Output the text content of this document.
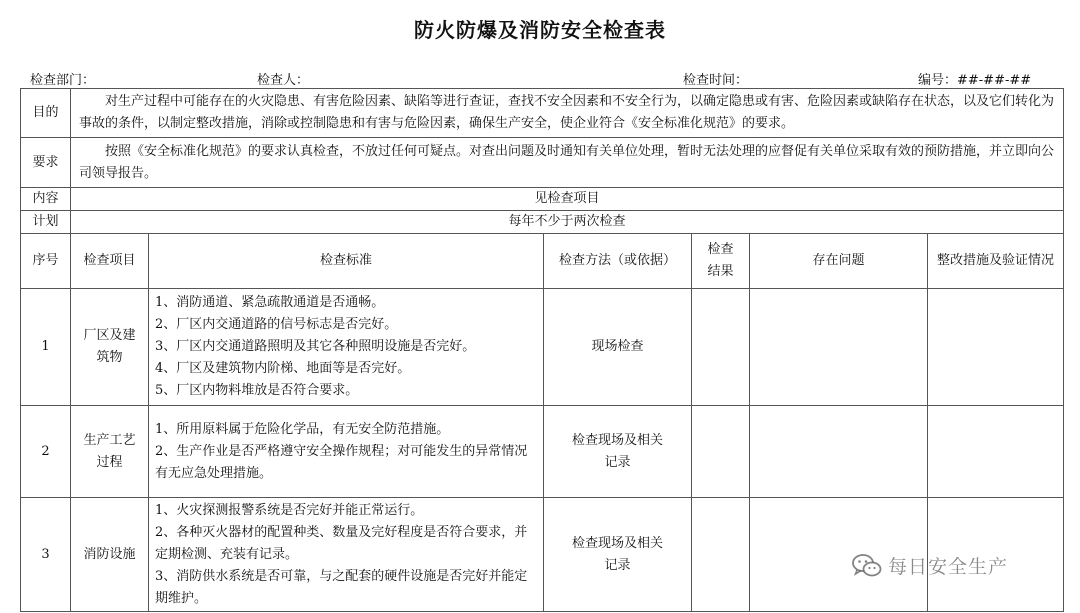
防火防爆及消防安全检查表
检查部门：	检查人：	检查时间：	编号：##-##-##
目的	对生产过程中可能存在的火灾隐患、有害危险因素、缺陷等进行查证，查找不安全因素和不安全行为，以确定隐患或有害、危险因素或缺陷存在状态，以及它们转化为事故的条件，以制定整改措施，消除或控制隐患和有害与危险因素，确保生产安全，使企业符合《安全标准化规范》的要求。					
要求	按照《安全标准化规范》的要求认真检查，不放过任何可疑点。对查出问题及时通知有关单位处理，暂时无法处理的应督促有关单位采取有效的预防措施，并立即向公司领导报告。					
内容	见检查项目					
计划	每年不少于两次检查					
序号	检查项目	检查标准	检查方法（或依据）	检查结果	存在问题	整改措施及验证情况
1	厂区及建筑物	1、消防通道、紧急疏散通道是否通畅。
2、厂区内交通道路的信号标志是否完好。
3、厂区内交通道路照明及其它各种照明设施是否完好。
4、厂区及建筑物内阶梯、地面等是否完好。
5、厂区内物料堆放是否符合要求。	现场检查			
2	生产工艺过程	1、所用原料属于危险化学品，有无安全防范措施。
2、生产作业是否严格遵守安全操作规程；对可能发生的异常情况有无应急处理措施。	检查现场及相关记录			
3	消防设施	1、火灾探测报警系统是否完好并能正常运行。
2、各种灭火器材的配置种类、数量及完好程度是否符合要求，并定期检测、充装有记录。
3、消防供水系统是否可靠，与之配套的硬件设施是否完好并能定期维护。	检查现场及相关记录				每日安全生产
